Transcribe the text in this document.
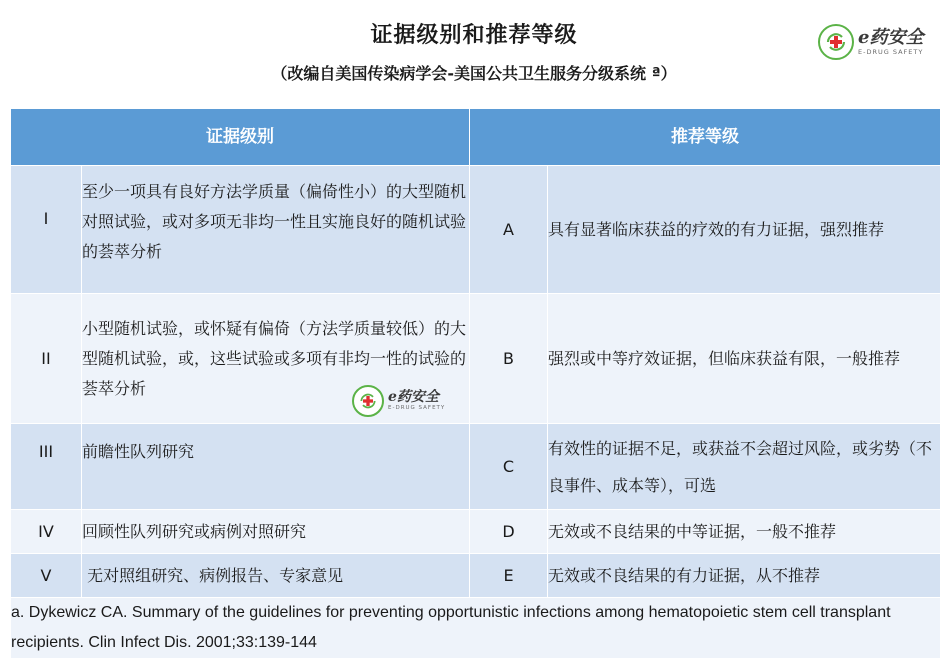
证据级别和推荐等级
（改编自美国传染病学会-美国公共卫生服务分级系统 ª）
e药安全
E-DRUG SAFETY
证据级别		推荐等级	
I	至少一项具有良好方法学质量（偏倚性小）的大型随机对照试验，或对多项无非均一性且实施良好的随机试验的荟萃分析	A	具有显著临床获益的疗效的有力证据，强烈推荐
II	小型随机试验，或怀疑有偏倚（方法学质量较低）的大型随机试验，或，这些试验或多项有非均一性的试验的荟萃分析	B	强烈或中等疗效证据，但临床获益有限，一般推荐
III	前瞻性队列研究	C	有效性的证据不足，或获益不会超过风险，或劣势（不良事件、成本等），可选
IV	回顾性队列研究或病例对照研究	D	无效或不良结果的中等证据，一般不推荐
V	无对照组研究、病例报告、专家意见	E	无效或不良结果的有力证据，从不推荐
a. Dykewicz CA. Summary of the guidelines for preventing opportunistic infections among hematopoietic stem cell transplant recipients. Clin Infect Dis. 2001;33:139-144			
e药安全
E-DRUG SAFETY
